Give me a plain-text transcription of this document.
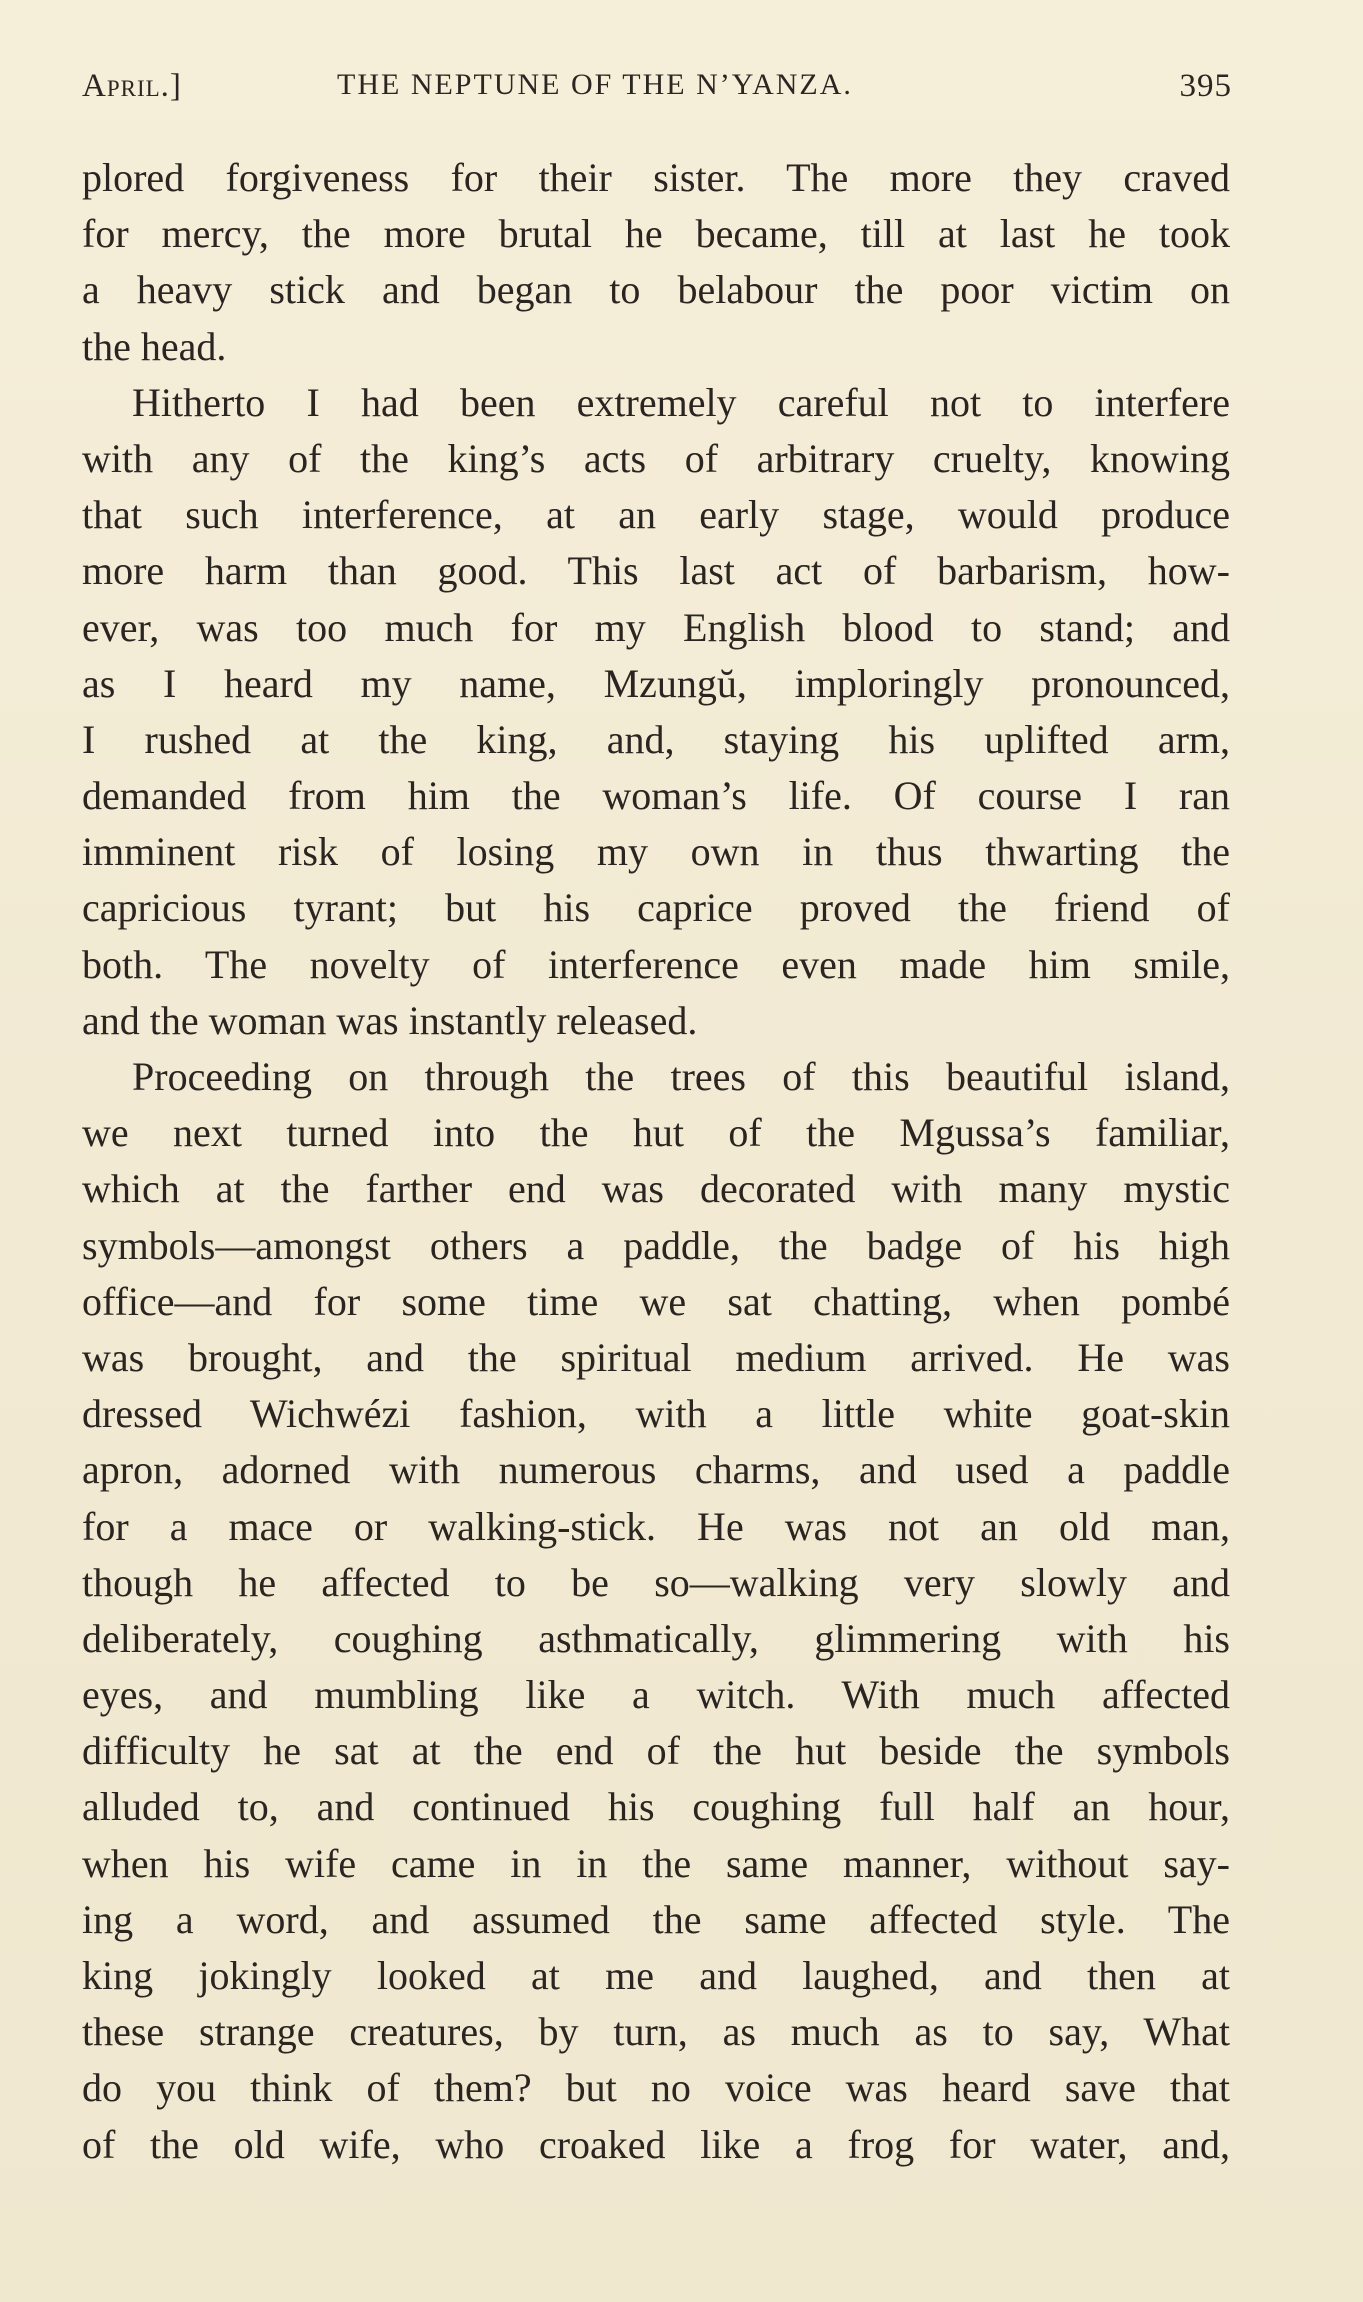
April.]	THE NEPTUNE OF THE N’YANZA.	395
plored forgiveness for their sister. The more they craved
for mercy, the more brutal he became, till at last he took
a heavy stick and began to belabour the poor victim on
the head.
Hitherto I had been extremely careful not to interfere
with any of the king’s acts of arbitrary cruelty, knowing
that such interference, at an early stage, would produce
more harm than good. This last act of barbarism, how-
ever, was too much for my English blood to stand; and
as I heard my name, Mzungŭ, imploringly pronounced,
I rushed at the king, and, staying his uplifted arm,
demanded from him the woman’s life. Of course I ran
imminent risk of losing my own in thus thwarting the
capricious tyrant; but his caprice proved the friend of
both. The novelty of interference even made him smile,
and the woman was instantly released.
Proceeding on through the trees of this beautiful island,
we next turned into the hut of the Mgussa’s familiar,
which at the farther end was decorated with many mystic
symbols—amongst others a paddle, the badge of his high
office—and for some time we sat chatting, when pombé
was brought, and the spiritual medium arrived. He was
dressed Wichwézi fashion, with a little white goat-skin
apron, adorned with numerous charms, and used a paddle
for a mace or walking-stick. He was not an old man,
though he affected to be so—walking very slowly and
deliberately, coughing asthmatically, glimmering with his
eyes, and mumbling like a witch. With much affected
difficulty he sat at the end of the hut beside the symbols
alluded to, and continued his coughing full half an hour,
when his wife came in in the same manner, without say-
ing a word, and assumed the same affected style. The
king jokingly looked at me and laughed, and then at
these strange creatures, by turn, as much as to say, What
do you think of them? but no voice was heard save that
of the old wife, who croaked like a frog for water, and,
